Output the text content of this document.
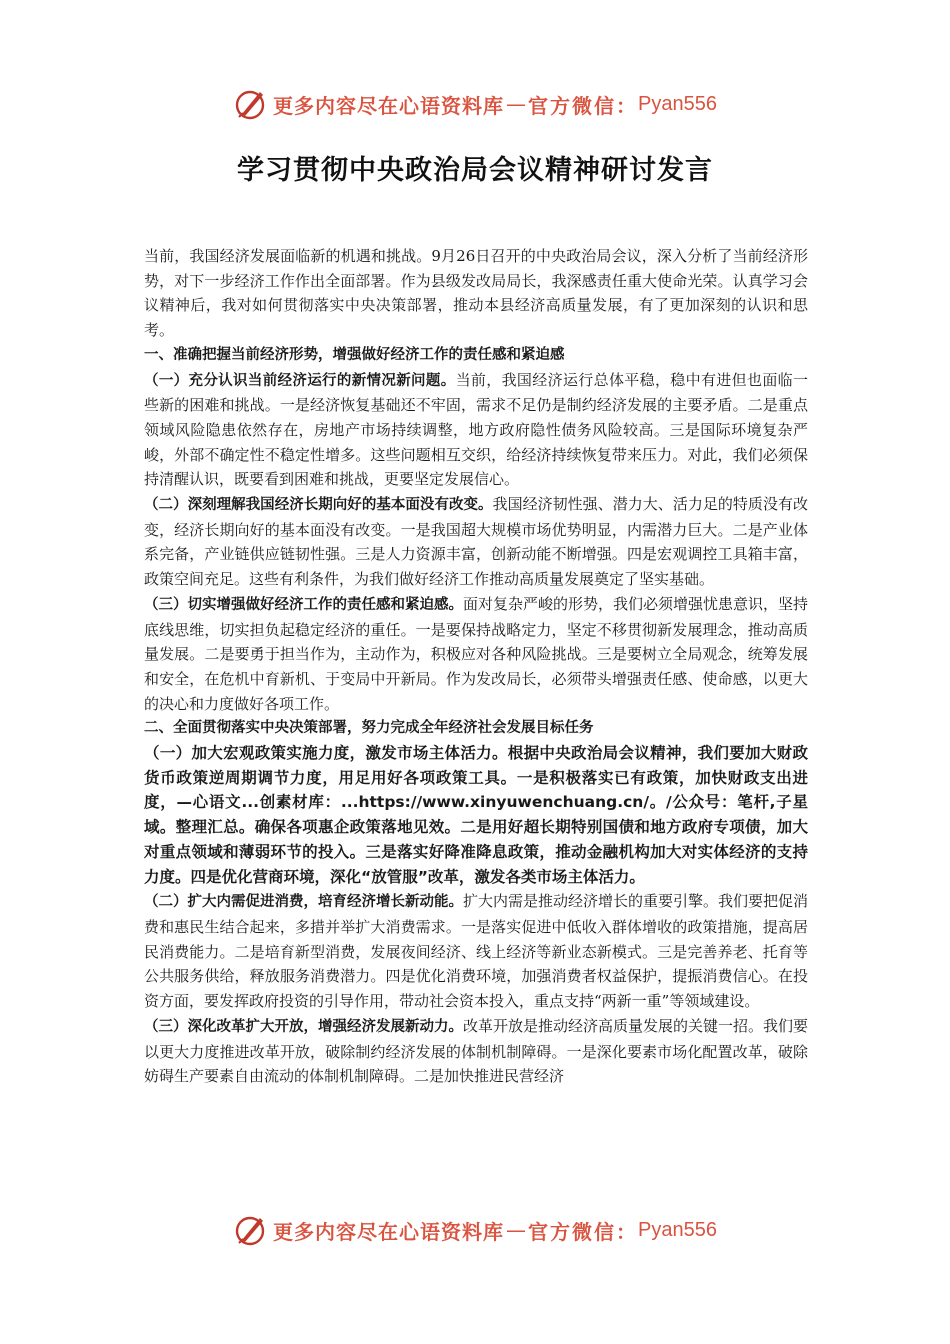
更多内容尽在心语资料库 — 官方微信： Pyan556
学习贯彻中央政治局会议精神研讨发言

当前，我国经济发展面临新的机遇和挑战。9月26日召开的中央政治局会议，深入分析了当前经济形势，对下一步经济工作作出全面部署。作为县级发改局局长，我深感责任重大使命光荣。认真学习会议精神后，我对如何贯彻落实中央决策部署，推动本县经济高质量发展，有了更加深刻的认识和思考。

一、准确把握当前经济形势，增强做好经济工作的责任感和紧迫感

（一）充分认识当前经济运行的新情况新问题。当前，我国经济运行总体平稳，稳中有进但也面临一些新的困难和挑战。一是经济恢复基础还不牢固，需求不足仍是制约经济发展的主要矛盾。二是重点领域风险隐患依然存在，房地产市场持续调整，地方政府隐性债务风险较高。三是国际环境复杂严峻，外部不确定性不稳定性增多。这些问题相互交织，给经济持续恢复带来压力。对此，我们必须保持清醒认识，既要看到困难和挑战，更要坚定发展信心。

（二）深刻理解我国经济长期向好的基本面没有改变。我国经济韧性强、潜力大、活力足的特质没有改变，经济长期向好的基本面没有改变。一是我国超大规模市场优势明显，内需潜力巨大。二是产业体系完备，产业链供应链韧性强。三是人力资源丰富，创新动能不断增强。四是宏观调控工具箱丰富，政策空间充足。这些有利条件，为我们做好经济工作推动高质量发展奠定了坚实基础。

（三）切实增强做好经济工作的责任感和紧迫感。面对复杂严峻的形势，我们必须增强忧患意识，坚持底线思维，切实担负起稳定经济的重任。一是要保持战略定力，坚定不移贯彻新发展理念，推动高质量发展。二是要勇于担当作为，主动作为，积极应对各种风险挑战。三是要树立全局观念，统筹发展和安全，在危机中育新机、于变局中开新局。作为发改局长，必须带头增强责任感、使命感，以更大的决心和力度做好各项工作。

二、全面贯彻落实中央决策部署，努力完成全年经济社会发展目标任务

（一）加大宏观政策实施力度，激发市场主体活力。根据中央政治局会议精神，我们要加大财政货币政策逆周期调节力度，用足用好各项政策工具。一是积极落实已有政策，加快财政支出进度，—心语文...创素材库：...https://www.xinyuwenchuang.cn/。/公众号：笔杆,子星域。整理汇总。确保各项惠企政策落地见效。二是用好超长期特别国债和地方政府专项债，加大对重点领域和薄弱环节的投入。三是落实好降准降息政策，推动金融机构加大对实体经济的支持力度。四是优化营商环境，深化“放管服”改革，激发各类市场主体活力。

（二）扩大内需促进消费，培育经济增长新动能。扩大内需是推动经济增长的重要引擎。我们要把促消费和惠民生结合起来，多措并举扩大消费需求。一是落实促进中低收入群体增收的政策措施，提高居民消费能力。二是培育新型消费，发展夜间经济、线上经济等新业态新模式。三是完善养老、托育等公共服务供给，释放服务消费潜力。四是优化消费环境，加强消费者权益保护，提振消费信心。在投资方面，要发挥政府投资的引导作用，带动社会资本投入，重点支持“两新一重”等领域建设。

（三）深化改革扩大开放，增强经济发展新动力。改革开放是推动经济高质量发展的关键一招。我们要以更大力度推进改革开放，破除制约经济发展的体制机制障碍。一是深化要素市场化配置改革，破除妨碍生产要素自由流动的体制机制障碍。二是加快推进民营经济

更多内容尽在心语资料库 — 官方微信： Pyan556
